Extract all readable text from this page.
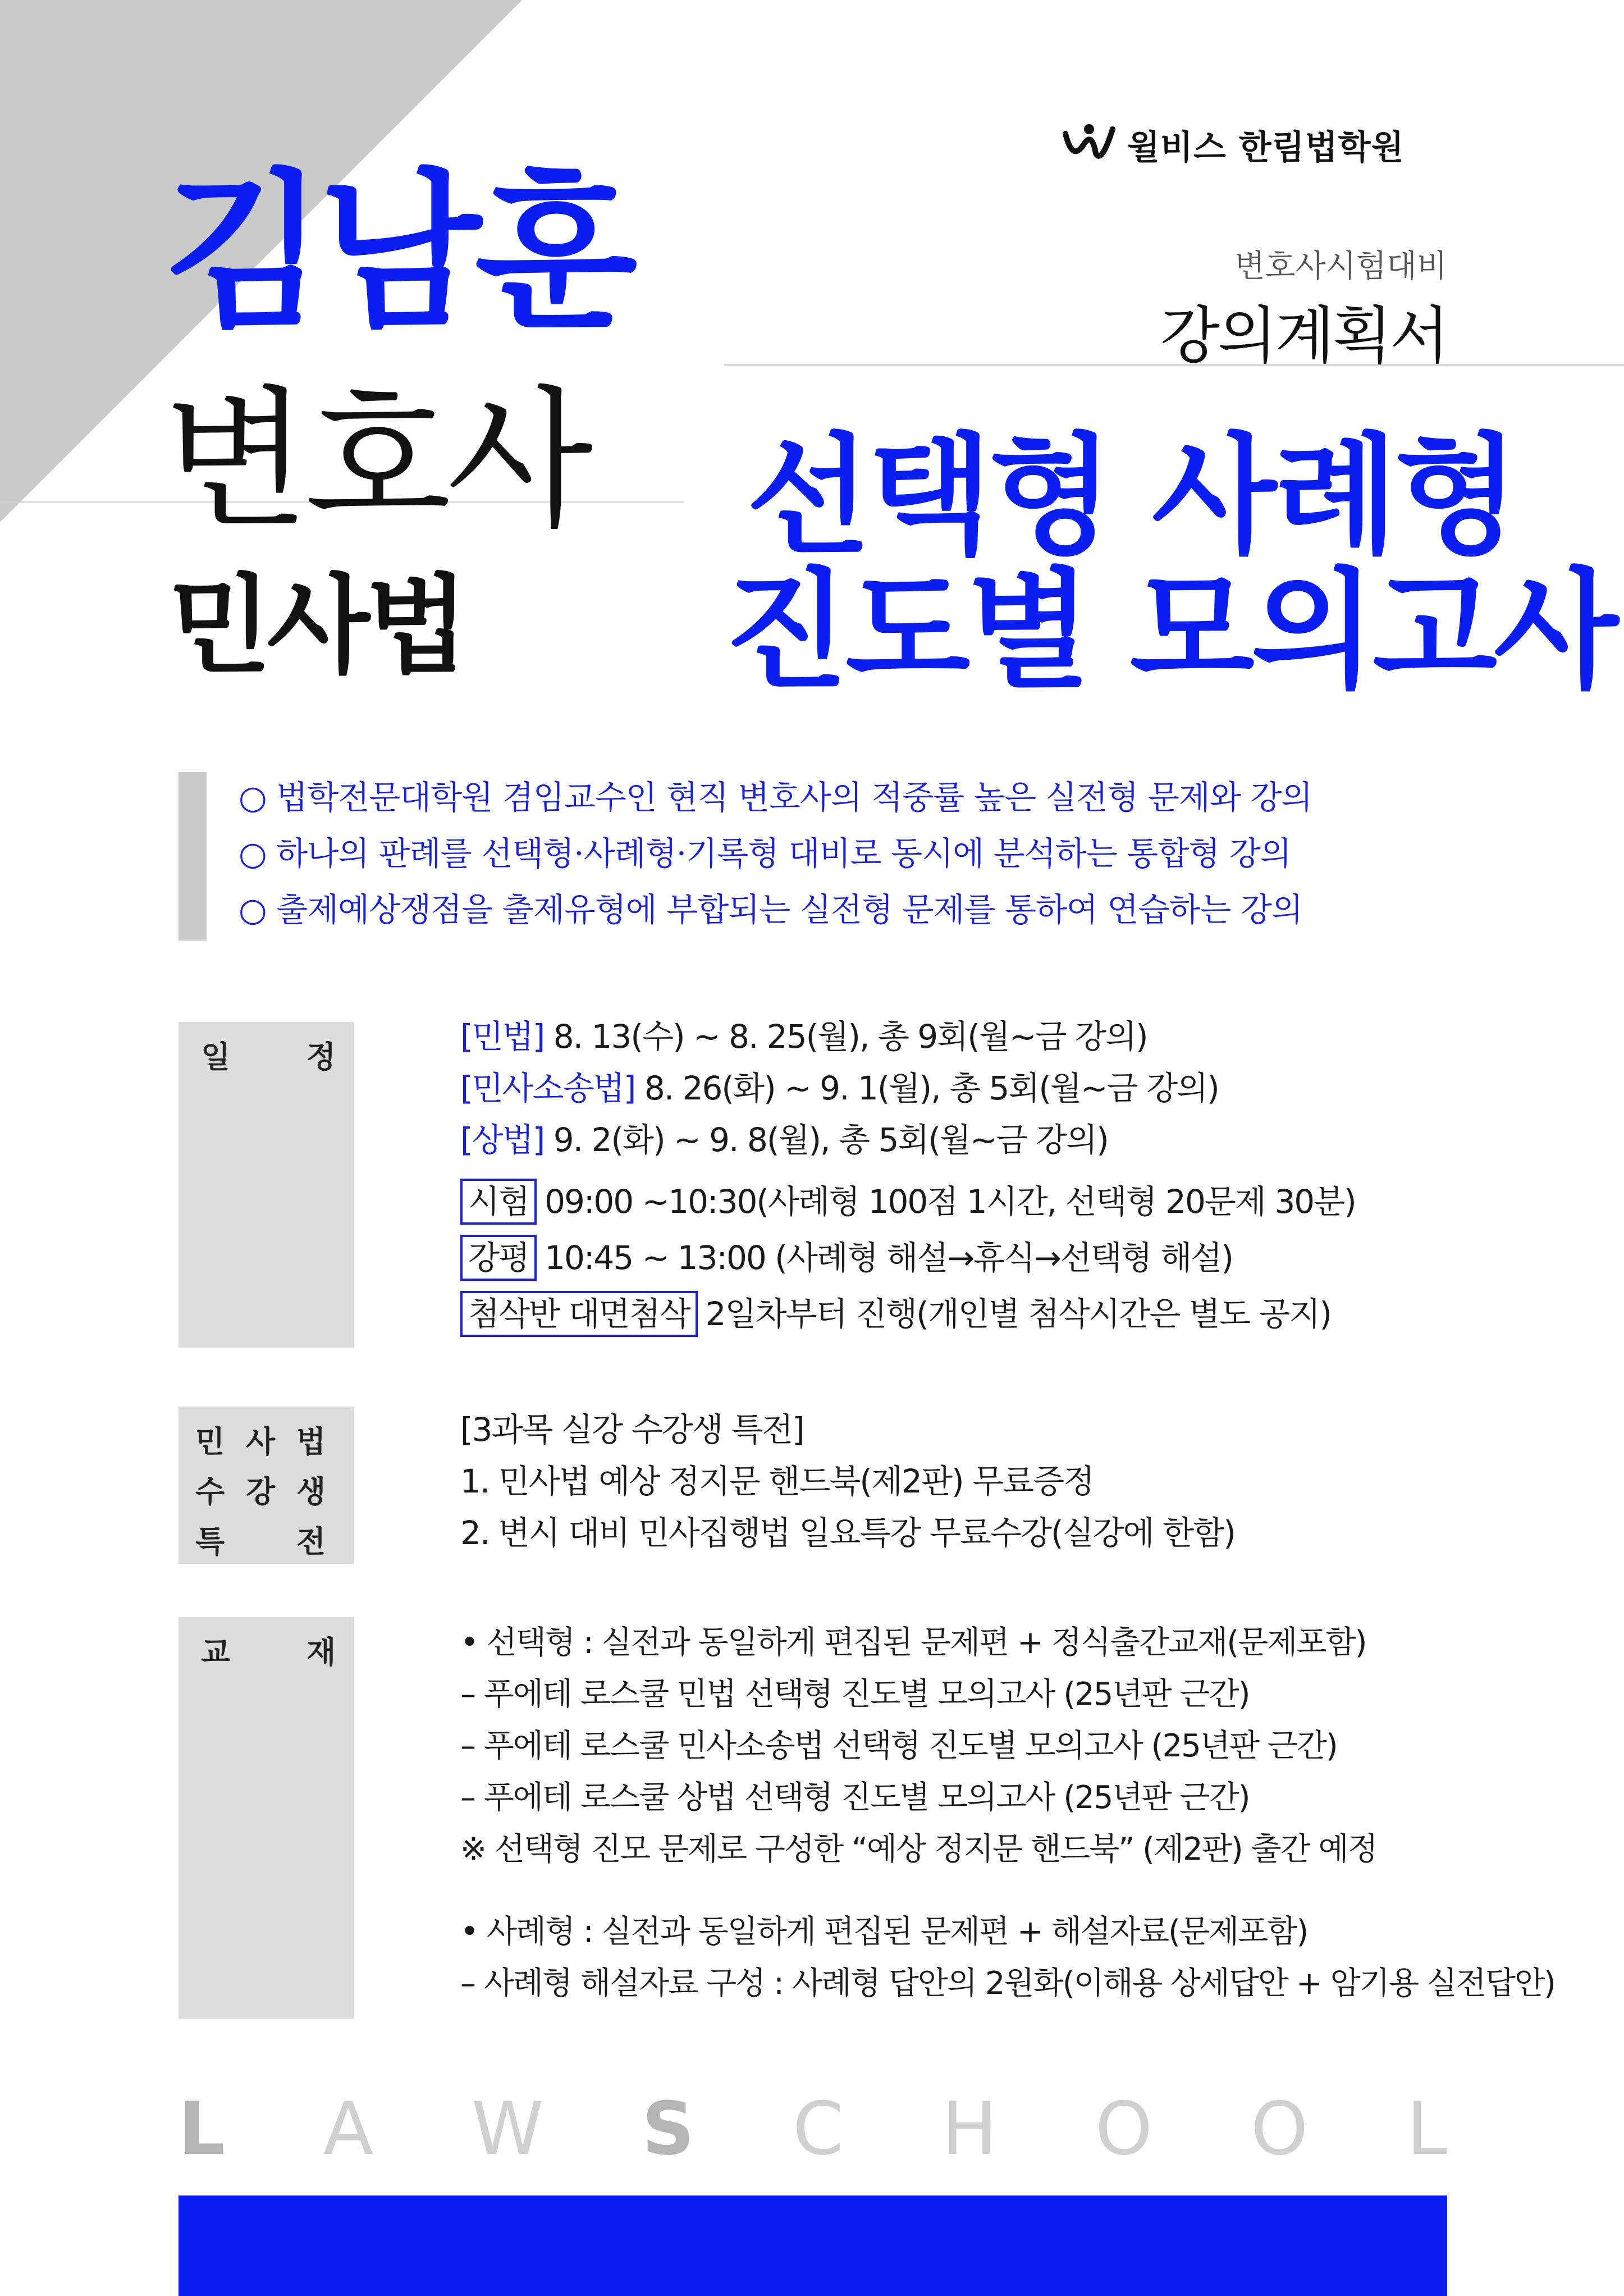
윌비스 한림법학원
김남훈
변호사
민사법
변호사시험대비
강의계획서
선택형 사례형
진도별 모의고사
○ 법학전문대학원 겸임교수인 현직 변호사의 적중률 높은 실전형 문제와 강의
○ 하나의 판례를 선택형·사례형·기록형 대비로 동시에 분석하는 통합형 강의
○ 출제예상쟁점을 출제유형에 부합되는 실전형 문제를 통하여 연습하는 강의
일	정
[민법] 8. 13(수) ~ 8. 25(월), 총 9회(월~금 강의)
[민사소송법] 8. 26(화) ~ 9. 1(월), 총 5회(월~금 강의)
[상법] 9. 2(화) ~ 9. 8(월), 총 5회(월~금 강의)
시험 09:00 ~10:30(사례형 100점 1시간, 선택형 20문제 30분)
강평 10:45 ~ 13:00 (사례형 해설→휴식→선택형 해설)
첨삭반 대면첨삭 2일차부터 진행(개인별 첨삭시간은 별도 공지)
민 사 법
수 강 생
특	전
[3과목 실강 수강생 특전]
1. 민사법 예상 정지문 핸드북(제2판) 무료증정
2. 변시 대비 민사집행법 일요특강 무료수강(실강에 한함)
교	재	• 선택형 : 실전과 동일하게 편집된 문제편 + 정식출간교재(문제포함)
– 푸에테 로스쿨 민법 선택형 진도별 모의고사 (25년판 근간)
– 푸에테 로스쿨 민사소송법 선택형 진도별 모의고사 (25년판 근간)
– 푸에테 로스쿨 상법 선택형 진도별 모의고사 (25년판 근간)
※ 선택형 진모 문제로 구성한 “예상 정지문 핸드북” (제2판) 출간 예정
• 사례형 : 실전과 동일하게 편집된 문제편 + 해설자료(문제포함)
– 사례형 해설자료 구성 : 사례형 답안의 2원화(이해용 상세답안 + 암기용 실전답안)
L A W S C H O O L
